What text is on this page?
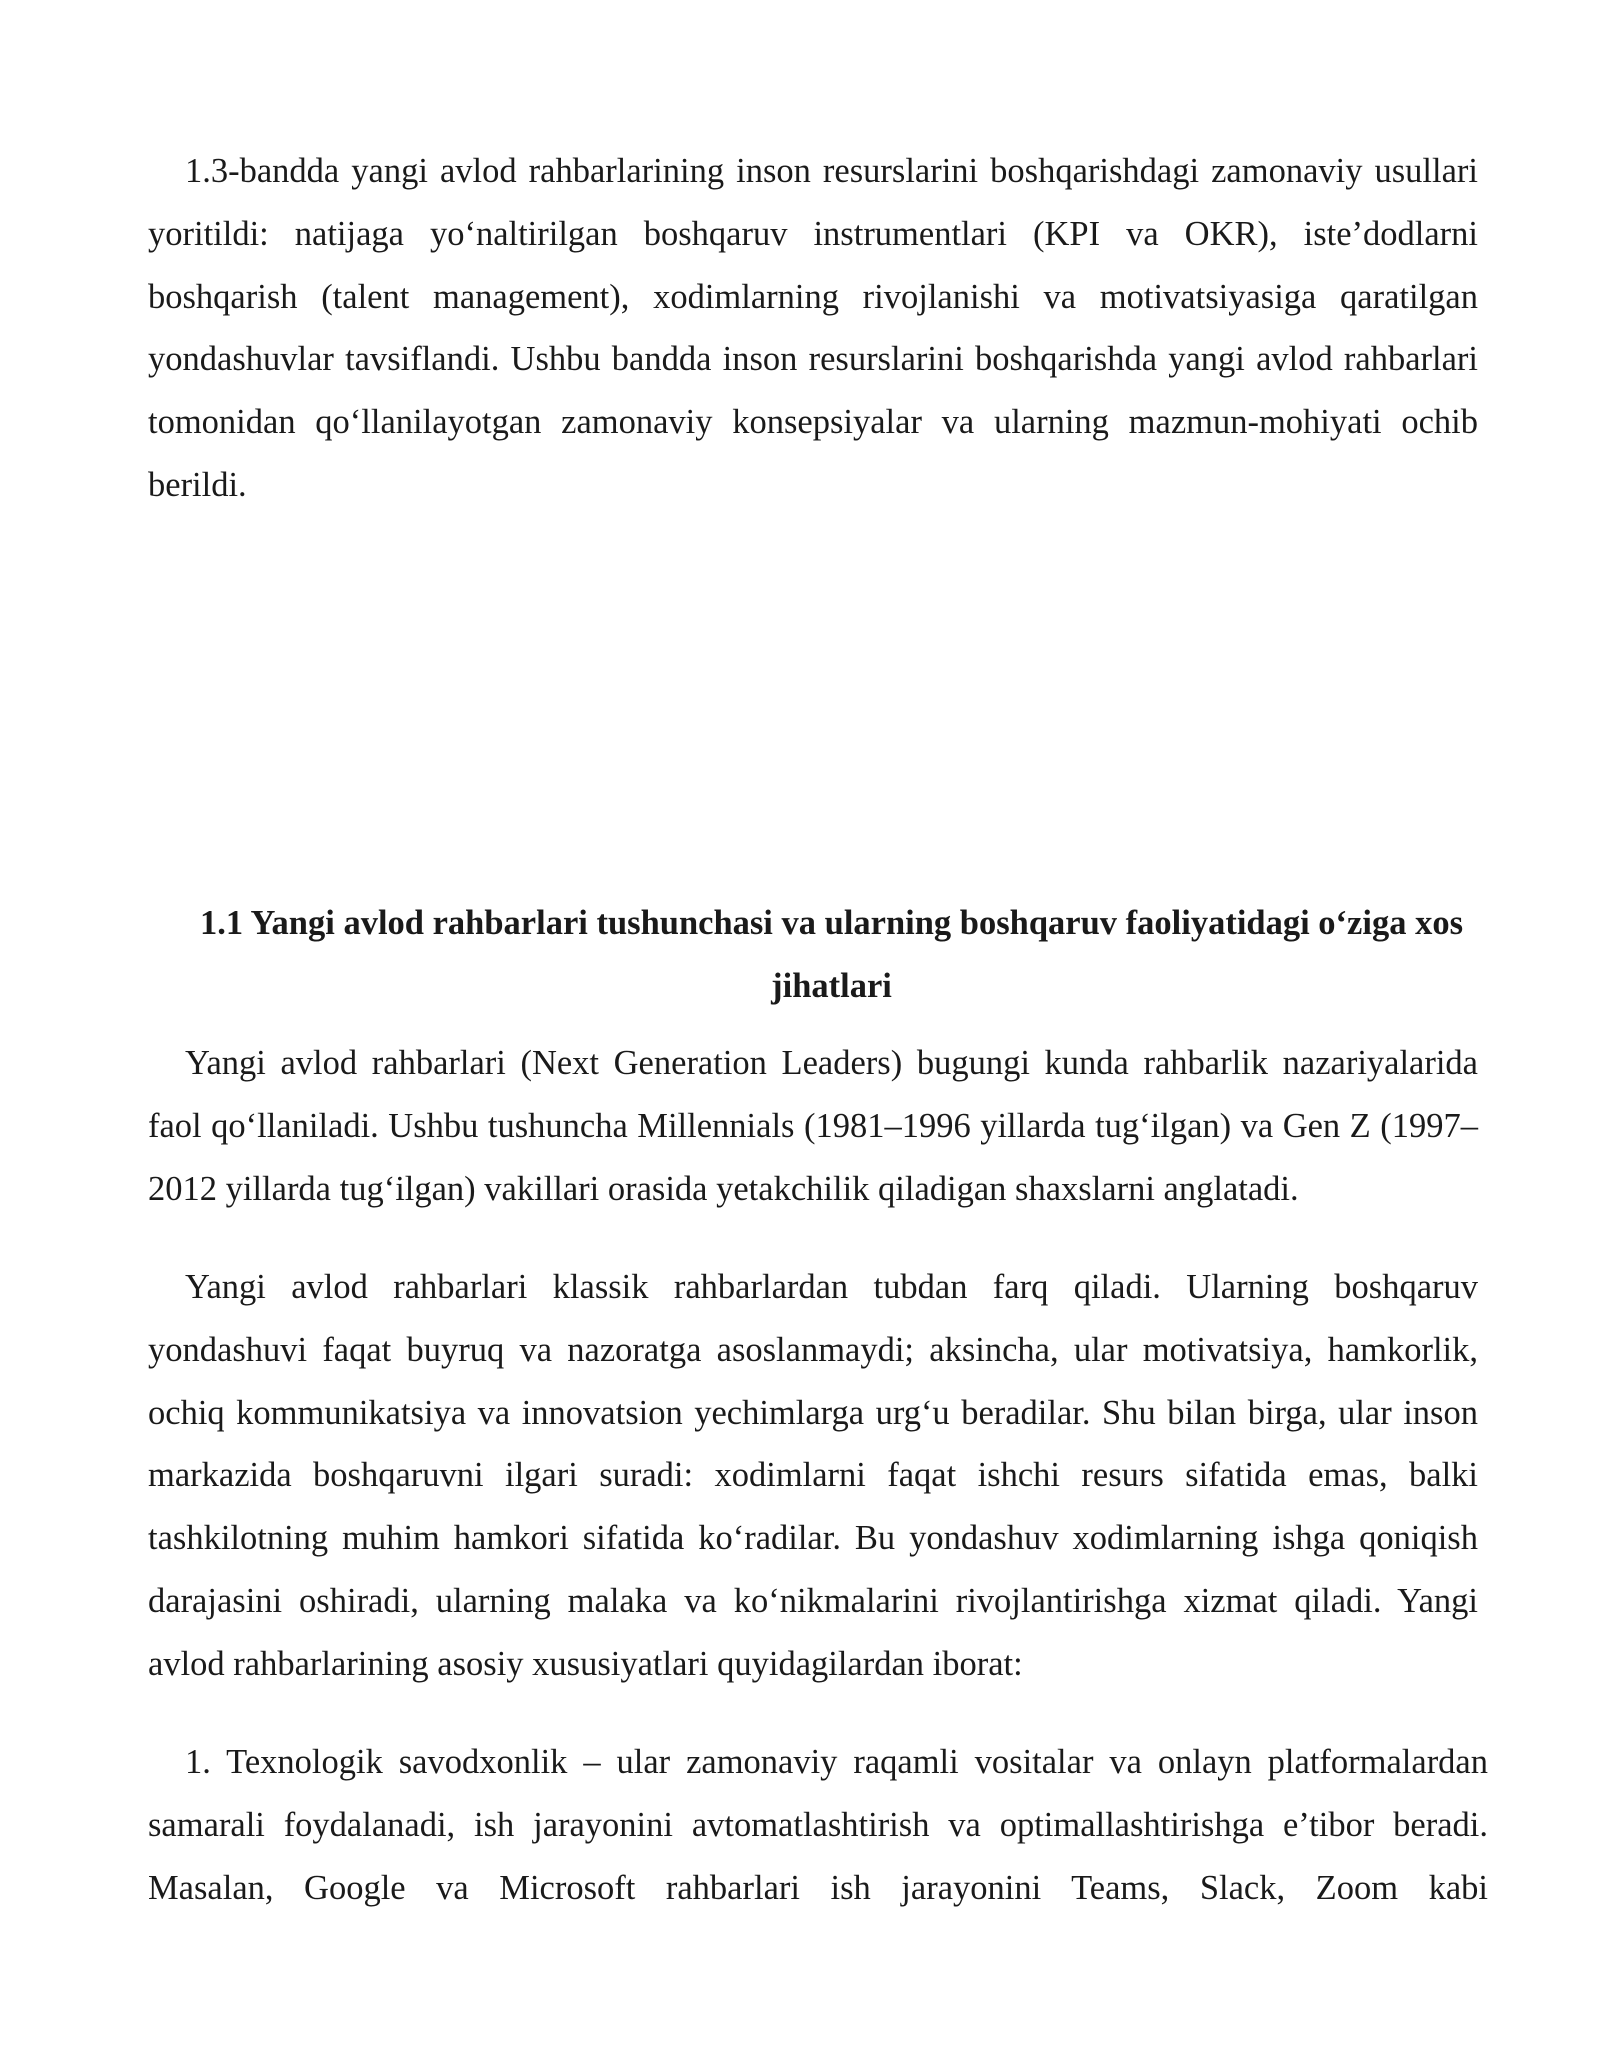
1.3-bandda yangi avlod rahbarlarining inson resurslarini boshqarishdagi zamonaviy usullari yoritildi: natijaga yo‘naltirilgan boshqaruv instrumentlari (KPI va OKR), iste’dodlarni boshqarish (talent management), xodimlarning rivojlanishi va motivatsiyasiga qaratilgan yondashuvlar tavsiflandi. Ushbu bandda inson resurslarini boshqarishda yangi avlod rahbarlari tomonidan qo‘llanilayotgan zamonaviy konsepsiyalar va ularning mazmun-mohiyati ochib berildi.

1.1 Yangi avlod rahbarlari tushunchasi va ularning boshqaruv faoliyatidagi o‘ziga xos jihatlari

Yangi avlod rahbarlari (Next Generation Leaders) bugungi kunda rahbarlik nazariyalarida faol qo‘llaniladi. Ushbu tushuncha Millennials (1981–1996 yillarda tug‘ilgan) va Gen Z (1997–2012 yillarda tug‘ilgan) vakillari orasida yetakchilik qiladigan shaxslarni anglatadi.

Yangi avlod rahbarlari klassik rahbarlardan tubdan farq qiladi. Ularning boshqaruv yondashuvi faqat buyruq va nazoratga asoslanmaydi; aksincha, ular motivatsiya, hamkorlik, ochiq kommunikatsiya va innovatsion yechimlarga urg‘u beradilar. Shu bilan birga, ular inson markazida boshqaruvni ilgari suradi: xodimlarni faqat ishchi resurs sifatida emas, balki tashkilotning muhim hamkori sifatida ko‘radilar. Bu yondashuv xodimlarning ishga qoniqish darajasini oshiradi, ularning malaka va ko‘nikmalarini rivojlantirishga xizmat qiladi. Yangi avlod rahbarlarining asosiy xususiyatlari quyidagilardan iborat:

1. Texnologik savodxonlik – ular zamonaviy raqamli vositalar va onlayn platformalardan samarali foydalanadi, ish jarayonini avtomatlashtirish va optimallashtirishga e’tibor beradi. Masalan, Google va Microsoft rahbarlari ish jarayonini Teams, Slack, Zoom kabi
